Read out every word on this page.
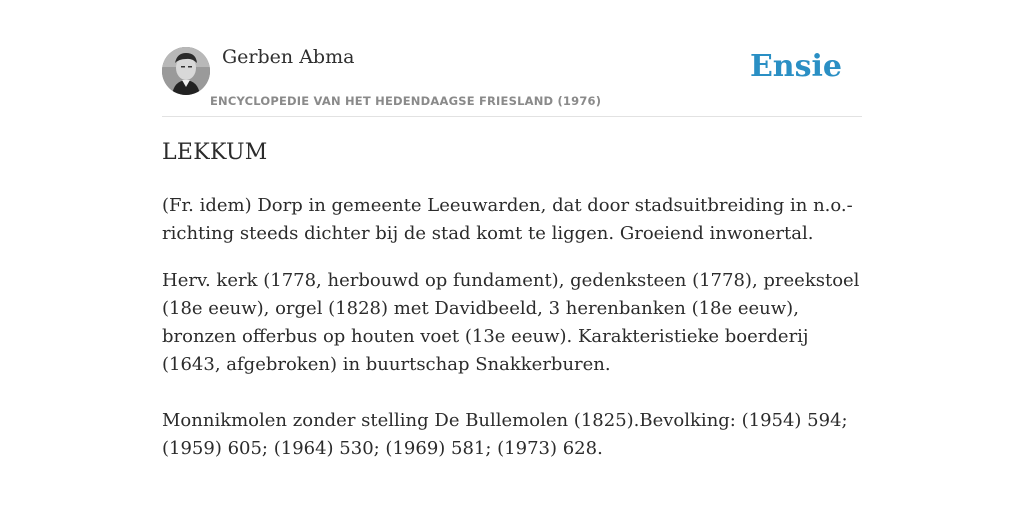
Gerben Abma
ENCYCLOPEDIE VAN HET HEDENDAAGSE FRIESLAND (1976)
Ensie
LEKKUM

(Fr. idem) Dorp in gemeente Leeuwarden, dat door stadsuitbreiding in n.o.-richting steeds dichter bij de stad komt te liggen. Groeiend inwonertal.

Herv. kerk (1778, herbouwd op fundament), gedenksteen (1778), preekstoel (18e eeuw), orgel (1828) met Davidbeeld, 3 herenbanken (18e eeuw), bronzen offerbus op houten voet (13e eeuw). Karakteristieke boerderij (1643, afgebroken) in buurtschap Snakkerburen.

Monnikmolen zonder stelling De Bullemolen (1825).Bevolking: (1954) 594; (1959) 605; (1964) 530; (1969) 581; (1973) 628.
